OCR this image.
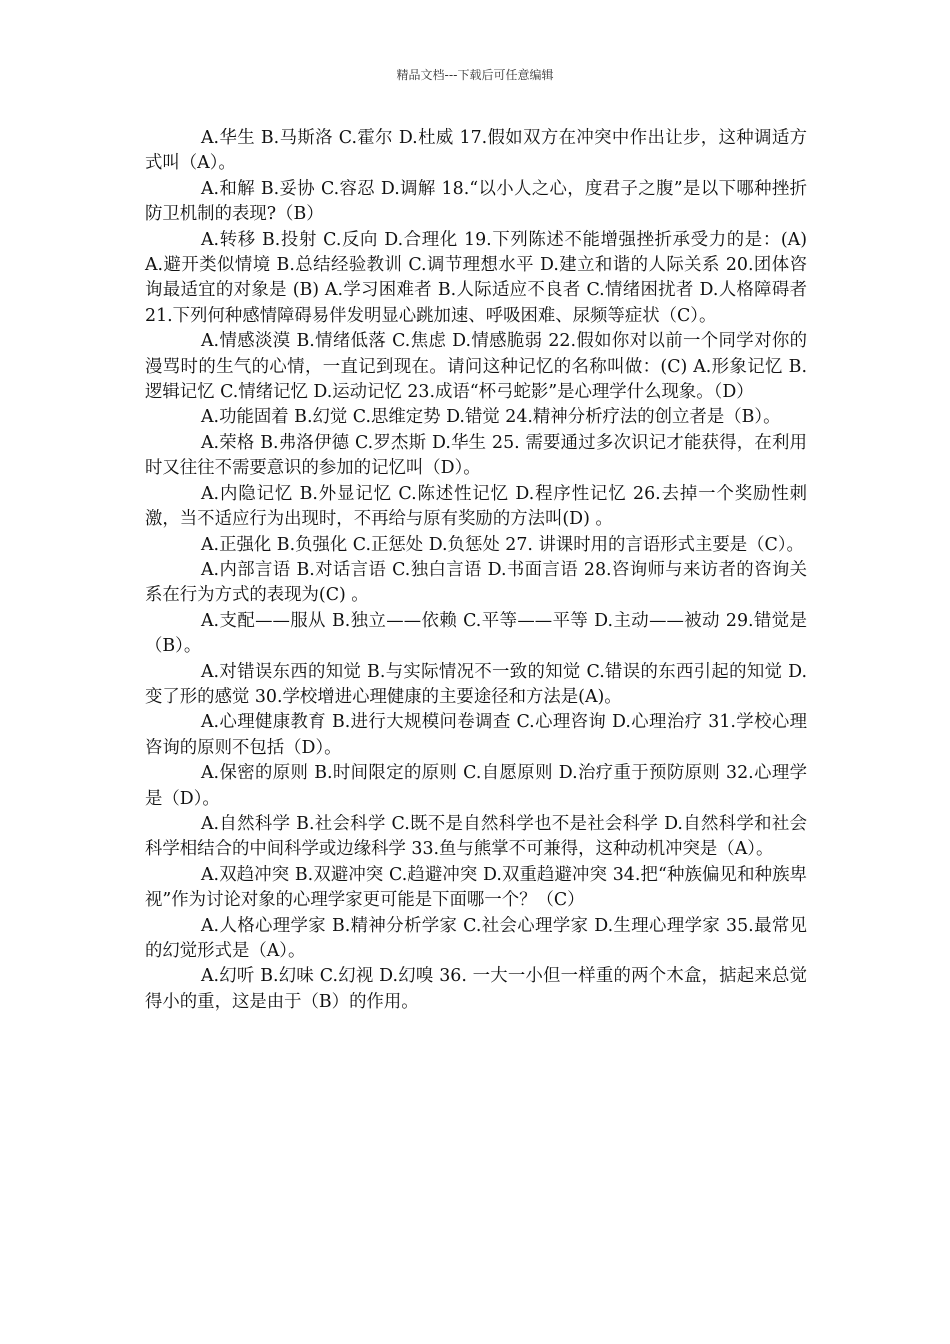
精品文档---下载后可任意编辑

A.华生 B.马斯洛 C.霍尔 D.杜威 17.假如双方在冲突中作出让步，这种调适方式叫（A）。

A.和解 B.妥协 C.容忍 D.调解 18.“以小人之心，度君子之腹”是以下哪种挫折防卫机制的表现?（B）

A.转移 B.投射 C.反向 D.合理化 19.下列陈述不能增强挫折承受力的是：(A) A.避开类似情境 B.总结经验教训 C.调节理想水平 D.建立和谐的人际关系 20.团体咨询最适宜的对象是 (B) A.学习困难者 B.人际适应不良者 C.情绪困扰者 D.人格障碍者 21.下列何种感情障碍易伴发明显心跳加速、呼吸困难、尿频等症状（C）。

A.情感淡漠 B.情绪低落 C.焦虑 D.情感脆弱 22.假如你对以前一个同学对你的漫骂时的生气的心情，一直记到现在。请问这种记忆的名称叫做：(C) A.形象记忆 B.逻辑记忆 C.情绪记忆 D.运动记忆 23.成语“杯弓蛇影”是心理学什么现象。（D）

A.功能固着 B.幻觉 C.思维定势 D.错觉 24.精神分析疗法的创立者是（B）。

A.荣格 B.弗洛伊德 C.罗杰斯 D.华生 25. 需要通过多次识记才能获得，在利用时又往往不需要意识的参加的记忆叫（D）。

A.内隐记忆 B.外显记忆 C.陈述性记忆 D.程序性记忆 26.去掉一个奖励性刺激，当不适应行为出现时，不再给与原有奖励的方法叫(D) 。

A.正强化 B.负强化 C.正惩处 D.负惩处 27. 讲课时用的言语形式主要是（C）。

A.内部言语 B.对话言语 C.独白言语 D.书面言语 28.咨询师与来访者的咨询关系在行为方式的表现为(C) 。

A.支配——服从 B.独立——依赖 C.平等——平等 D.主动——被动 29.错觉是（B）。

A.对错误东西的知觉 B.与实际情况不一致的知觉 C.错误的东西引起的知觉 D.变了形的感觉 30.学校增进心理健康的主要途径和方法是(A)。

A.心理健康教育 B.进行大规模问卷调查 C.心理咨询 D.心理治疗 31.学校心理咨询的原则不包括（D）。

A.保密的原则 B.时间限定的原则 C.自愿原则 D.治疗重于预防原则 32.心理学是（D）。

A.自然科学 B.社会科学 C.既不是自然科学也不是社会科学 D.自然科学和社会科学相结合的中间科学或边缘科学 33.鱼与熊掌不可兼得，这种动机冲突是（A）。

A.双趋冲突 B.双避冲突 C.趋避冲突 D.双重趋避冲突 34.把“种族偏见和种族卑视”作为讨论对象的心理学家更可能是下面哪一个？（C）

A.人格心理学家 B.精神分析学家 C.社会心理学家 D.生理心理学家 35.最常见的幻觉形式是（A）。

A.幻听 B.幻味 C.幻视 D.幻嗅 36. 一大一小但一样重的两个木盒，掂起来总觉得小的重，这是由于（B）的作用。
